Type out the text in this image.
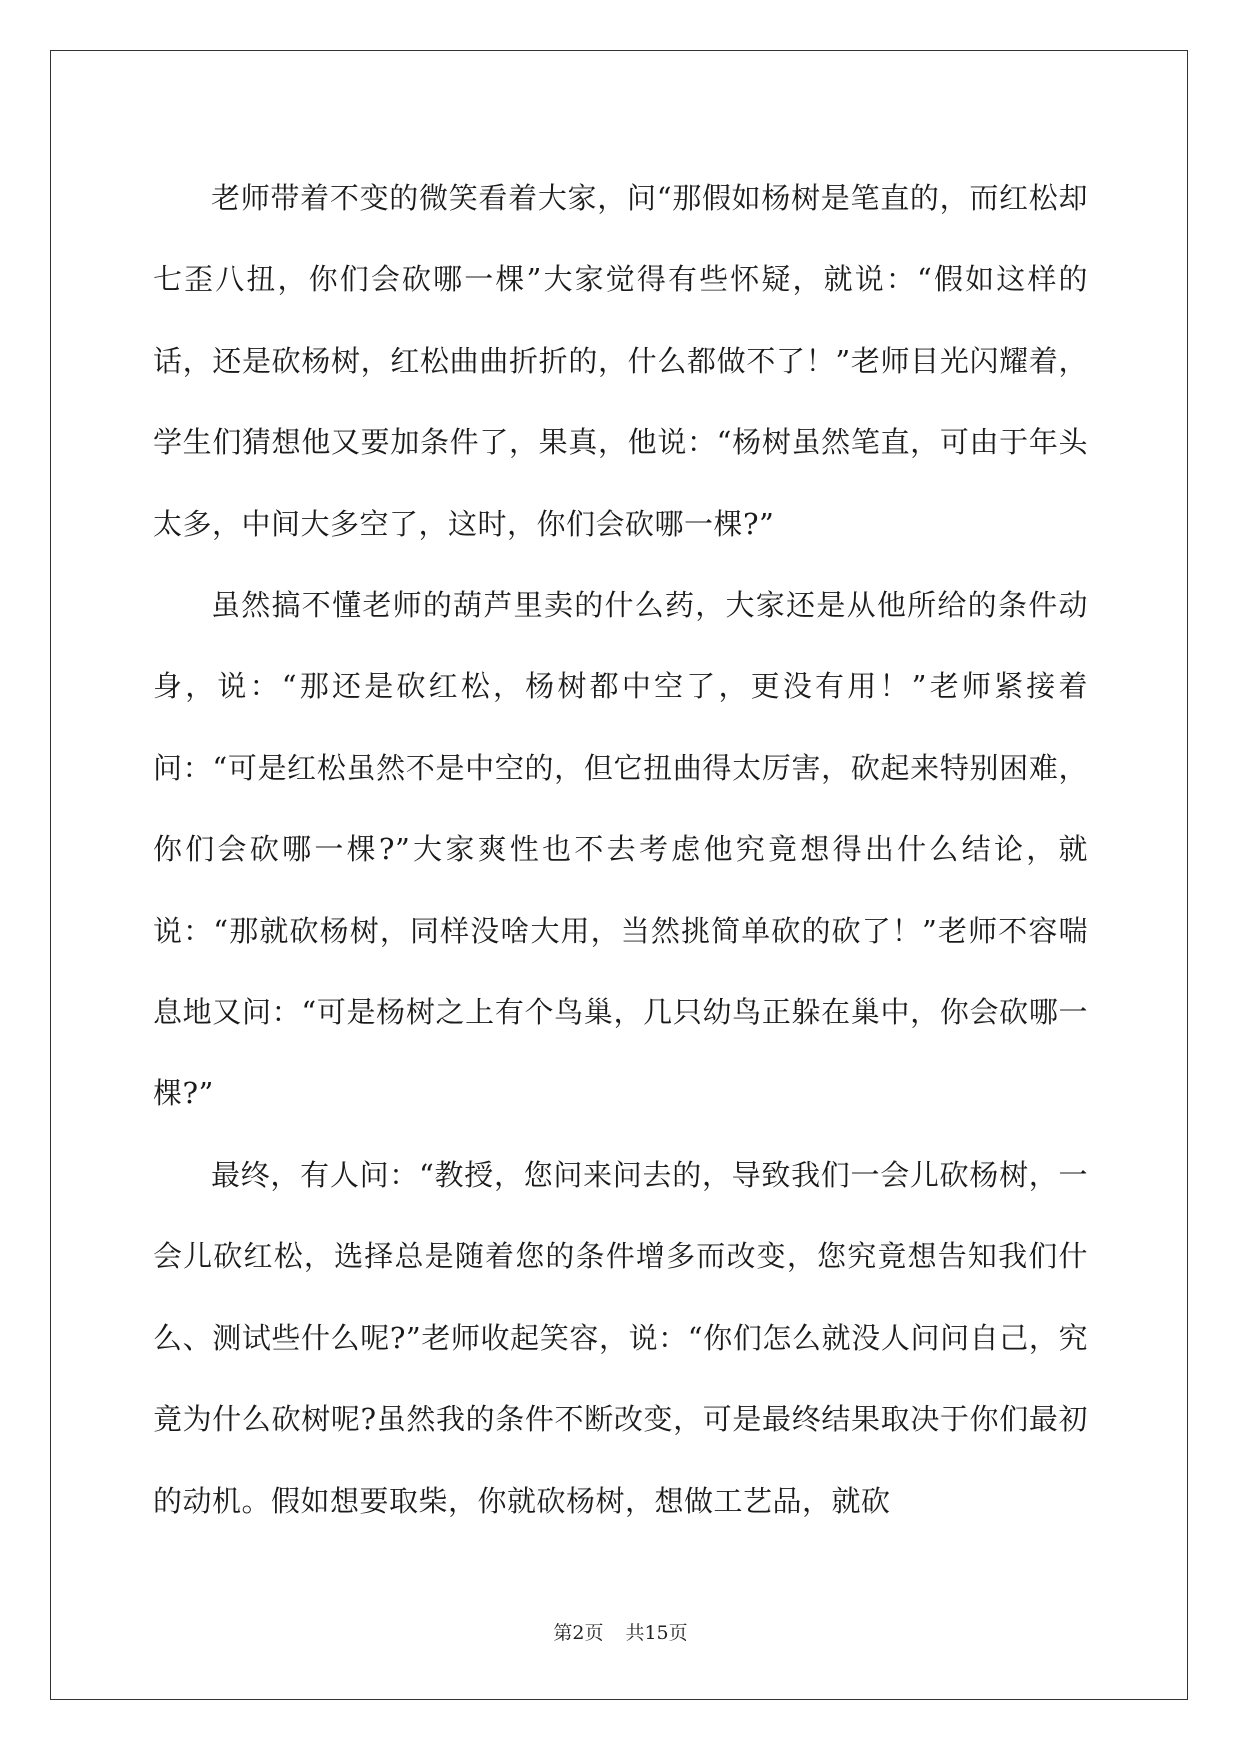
老师带着不变的微笑看着大家，问“那假如杨树是笔直的，而红松却七歪八扭，你们会砍哪一棵”大家觉得有些怀疑，就说：“假如这样的话，还是砍杨树，红松曲曲折折的，什么都做不了！”老师目光闪耀着，学生们猜想他又要加条件了，果真，他说：“杨树虽然笔直，可由于年头太多，中间大多空了，这时，你们会砍哪一棵?”

虽然搞不懂老师的葫芦里卖的什么药，大家还是从他所给的条件动身，说：“那还是砍红松，杨树都中空了，更没有用！”老师紧接着问：“可是红松虽然不是中空的，但它扭曲得太厉害，砍起来特别困难，你们会砍哪一棵?”大家爽性也不去考虑他究竟想得出什么结论，就说：“那就砍杨树，同样没啥大用，当然挑简单砍的砍了！”老师不容喘息地又问：“可是杨树之上有个鸟巢，几只幼鸟正躲在巢中，你会砍哪一棵?”

最终，有人问：“教授，您问来问去的，导致我们一会儿砍杨树，一会儿砍红松，选择总是随着您的条件增多而改变，您究竟想告知我们什么、测试些什么呢?”老师收起笑容，说：“你们怎么就没人问问自己，究竟为什么砍树呢?虽然我的条件不断改变，可是最终结果取决于你们最初的动机。假如想要取柴，你就砍杨树，想做工艺品，就砍

第2页 共15页
